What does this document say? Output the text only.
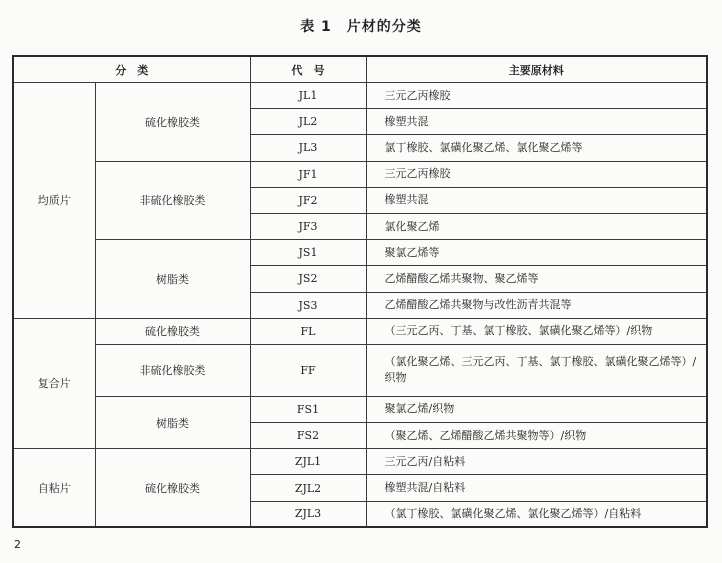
表 1　片材的分类
分　类		代　号	主要原材料
均质片	硫化橡胶类	JL1	三元乙丙橡胶
		JL2	橡塑共混
		JL3	氯丁橡胶、氯磺化聚乙烯、氯化聚乙烯等
	非硫化橡胶类	JF1	三元乙丙橡胶
		JF2	橡塑共混
		JF3	氯化聚乙烯
	树脂类	JS1	聚氯乙烯等
		JS2	乙烯醋酸乙烯共聚物、聚乙烯等
		JS3	乙烯醋酸乙烯共聚物与改性沥青共混等
复合片	硫化橡胶类	FL	（三元乙丙、丁基、氯丁橡胶、氯磺化聚乙烯等）/织物
	非硫化橡胶类	FF	（氯化聚乙烯、三元乙丙、丁基、氯丁橡胶、氯磺化聚乙烯等）/织物
	树脂类	FS1	聚氯乙烯/织物
		FS2	（聚乙烯、乙烯醋酸乙烯共聚物等）/织物
自粘片	硫化橡胶类	ZJL1	三元乙丙/自粘料
		ZJL2	橡塑共混/自粘料
		ZJL3	（氯丁橡胶、氯磺化聚乙烯、氯化聚乙烯等）/自粘料
2
